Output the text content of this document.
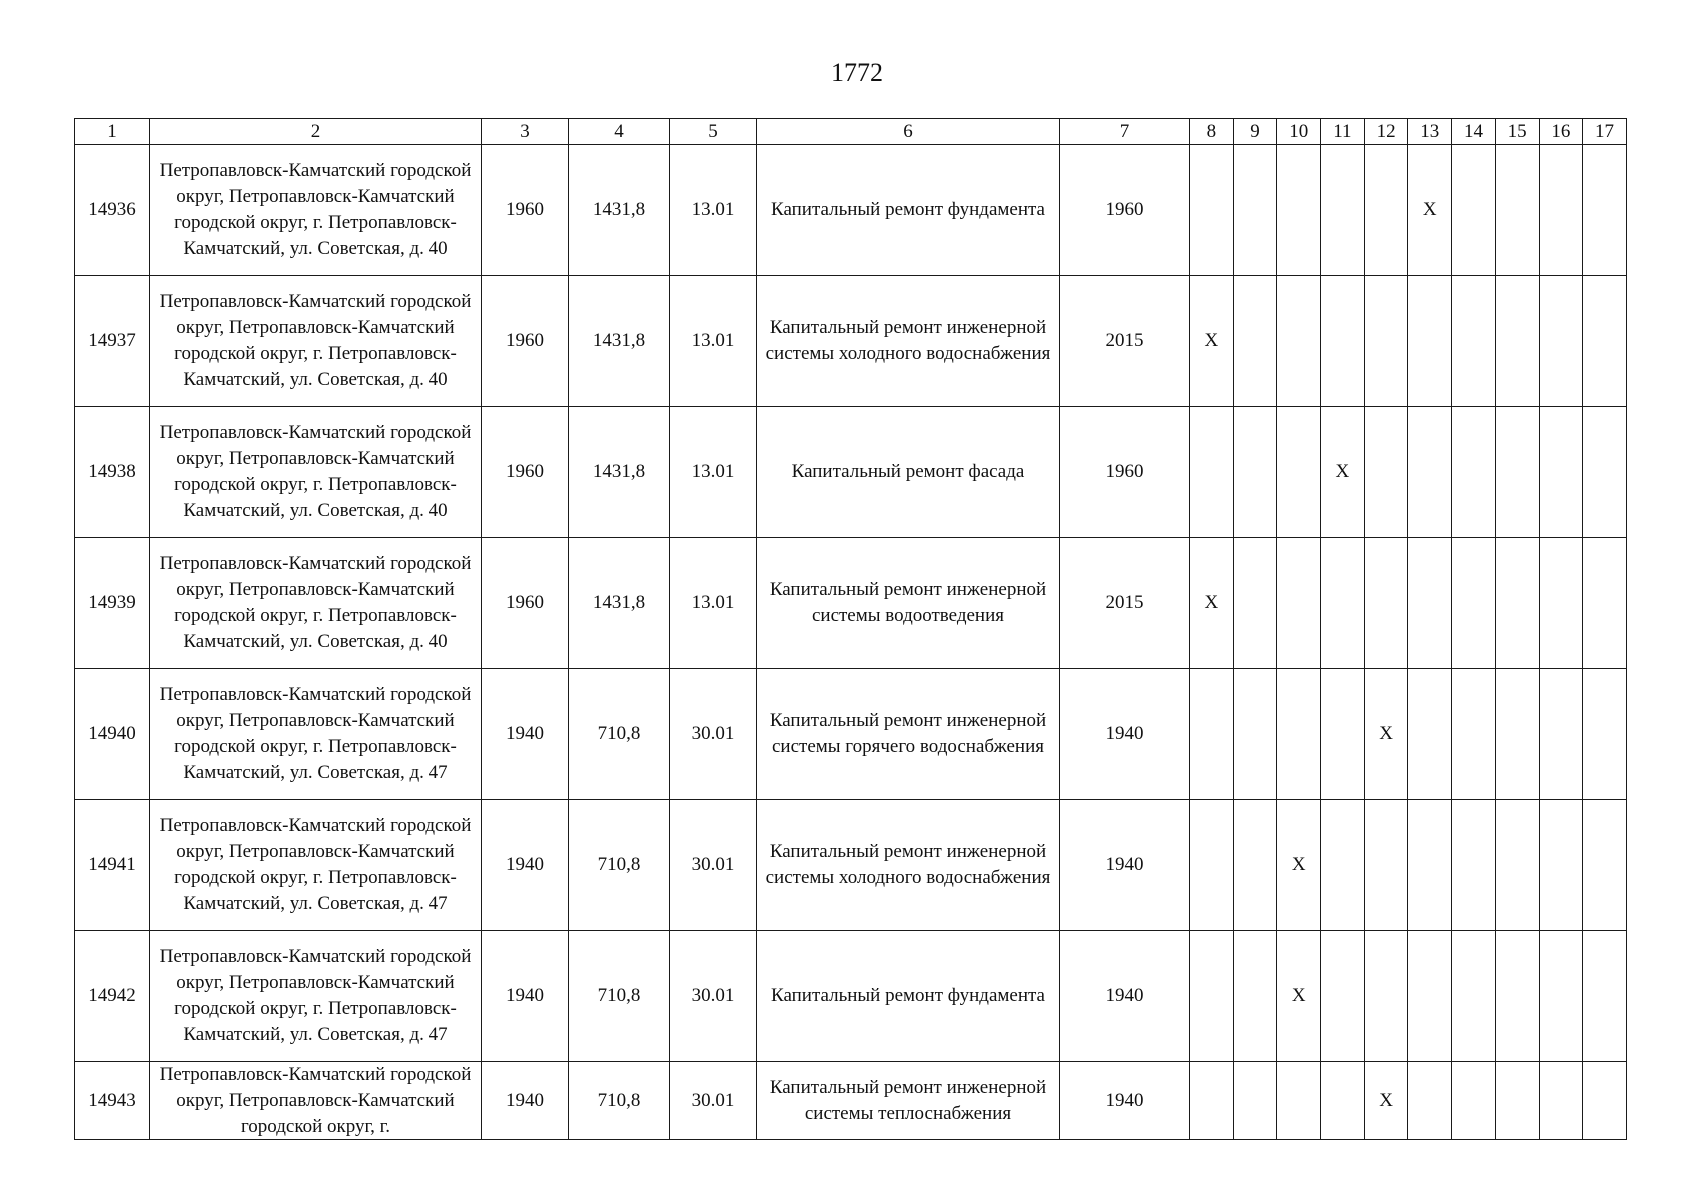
1772
1	2	3	4	5	6	7	8	9	10	11	12	13	14	15	16	17
14936	Петропавловск-Камчатский городской округ, Петропавловск-Камчатский городской округ, г. Петропавловск-Камчатский, ул. Советская, д. 40	1960	1431,8	13.01	Капитальный ремонт фундамента	1960						X				
14937	Петропавловск-Камчатский городской округ, Петропавловск-Камчатский городской округ, г. Петропавловск-Камчатский, ул. Советская, д. 40	1960	1431,8	13.01	Капитальный ремонт инженерной системы холодного водоснабжения	2015	X									
14938	Петропавловск-Камчатский городской округ, Петропавловск-Камчатский городской округ, г. Петропавловск-Камчатский, ул. Советская, д. 40	1960	1431,8	13.01	Капитальный ремонт фасада	1960				X						
14939	Петропавловск-Камчатский городской округ, Петропавловск-Камчатский городской округ, г. Петропавловск-Камчатский, ул. Советская, д. 40	1960	1431,8	13.01	Капитальный ремонт инженерной системы водоотведения	2015	X									
14940	Петропавловск-Камчатский городской округ, Петропавловск-Камчатский городской округ, г. Петропавловск-Камчатский, ул. Советская, д. 47	1940	710,8	30.01	Капитальный ремонт инженерной системы горячего водоснабжения	1940					X					
14941	Петропавловск-Камчатский городской округ, Петропавловск-Камчатский городской округ, г. Петропавловск-Камчатский, ул. Советская, д. 47	1940	710,8	30.01	Капитальный ремонт инженерной системы холодного водоснабжения	1940			X							
14942	Петропавловск-Камчатский городской округ, Петропавловск-Камчатский городской округ, г. Петропавловск-Камчатский, ул. Советская, д. 47	1940	710,8	30.01	Капитальный ремонт фундамента	1940			X							
14943	Петропавловск-Камчатский городской округ, Петропавловск-Камчатский городской округ, г.	1940	710,8	30.01	Капитальный ремонт инженерной системы теплоснабжения	1940					X					
